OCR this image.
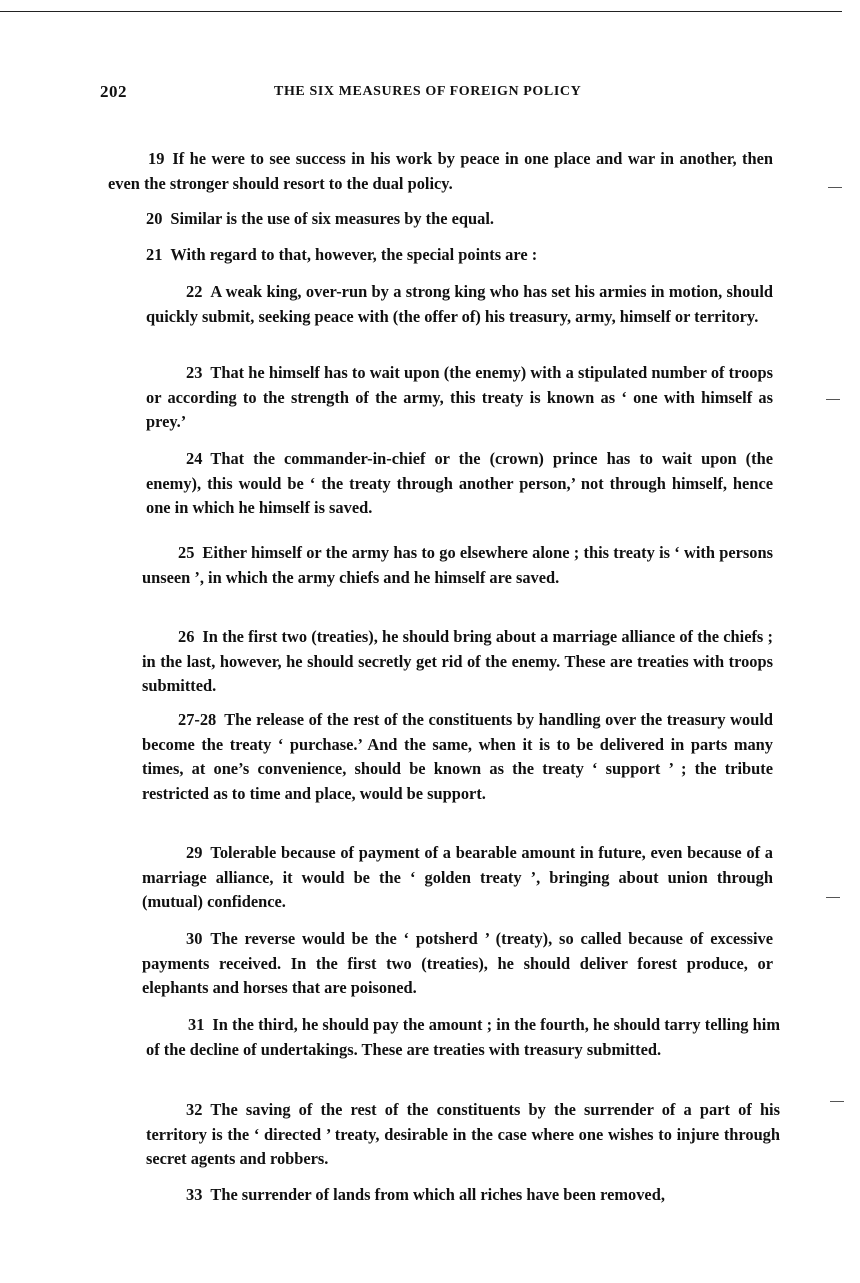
202	THE SIX MEASURES OF FOREIGN POLICY

19 If he were to see success in his work by peace in one place and war in another, then even the stronger should resort to the dual policy.

20 Similar is the use of six measures by the equal.

21 With regard to that, however, the special points are :

22 A weak king, over-run by a strong king who has set his armies in motion, should quickly submit, seeking peace with (the offer of) his treasury, army, himself or territory.

23 That he himself has to wait upon (the enemy) with a stipulated number of troops or according to the strength of the army, this treaty is known as ‘ one with himself as prey.’

24 That the commander-in-chief or the (crown) prince has to wait upon (the enemy), this would be ‘ the treaty through another person,’ not through himself, hence one in which he himself is saved.

25 Either himself or the army has to go elsewhere alone ; this treaty is ‘ with persons unseen ’, in which the army chiefs and he himself are saved.

26 In the first two (treaties), he should bring about a marriage alliance of the chiefs ; in the last, however, he should secretly get rid of the enemy. These are treaties with troops submitted.

27-28 The release of the rest of the constituents by handling over the treasury would become the treaty ‘ purchase.’ And the same, when it is to be delivered in parts many times, at one’s convenience, should be known as the treaty ‘ support ’ ; the tribute restricted as to time and place, would be support.

29 Tolerable because of payment of a bearable amount in future, even because of a marriage alliance, it would be the ‘ golden treaty ’, bringing about union through (mutual) confidence.

30 The reverse would be the ‘ potsherd ’ (treaty), so called because of excessive payments received. In the first two (treaties), he should deliver forest produce, or elephants and horses that are poisoned.

31 In the third, he should pay the amount ; in the fourth, he should tarry telling him of the decline of undertakings. These are treaties with treasury submitted.

32 The saving of the rest of the constituents by the surrender of a part of his territory is the ‘ directed ’ treaty, desirable in the case where one wishes to injure through secret agents and robbers.

33 The surrender of lands from which all riches have been removed,
